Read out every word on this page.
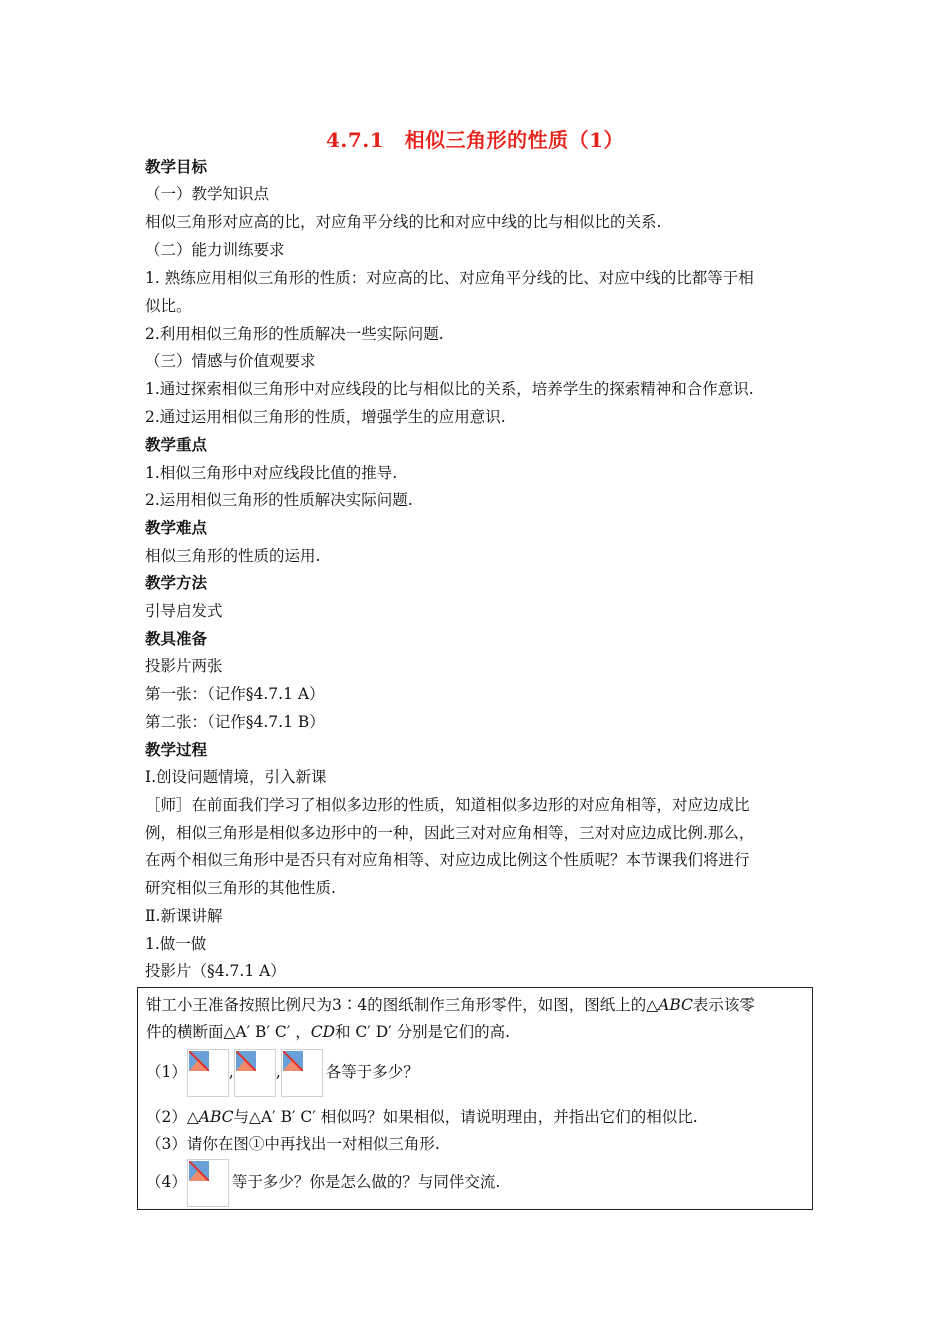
4.7.1　相似三角形的性质（1）
教学目标
（一）教学知识点
相似三角形对应高的比，对应角平分线的比和对应中线的比与相似比的关系.
（二）能力训练要求
1. 熟练应用相似三角形的性质：对应高的比、对应角平分线的比、对应中线的比都等于相
似比。
2.利用相似三角形的性质解决一些实际问题.
（三）情感与价值观要求
1.通过探索相似三角形中对应线段的比与相似比的关系，培养学生的探索精神和合作意识.
2.通过运用相似三角形的性质，增强学生的应用意识.
教学重点
1.相似三角形中对应线段比值的推导.
2.运用相似三角形的性质解决实际问题.
教学难点
相似三角形的性质的运用.
教学方法
引导启发式
教具准备
投影片两张
第一张：（记作§4.7.1 A）
第二张：（记作§4.7.1 B）
教学过程
Ⅰ.创设问题情境，引入新课
［师］在前面我们学习了相似多边形的性质，知道相似多边形的对应角相等，对应边成比
例，相似三角形是相似多边形中的一种，因此三对对应角相等，三对对应边成比例.那么，
在两个相似三角形中是否只有对应角相等、对应边成比例这个性质呢？本节课我们将进行
研究相似三角形的其他性质.
Ⅱ.新课讲解
1.做一做
投影片（§4.7.1 A）
钳工小王准备按照比例尺为3∶4的图纸制作三角形零件，如图，图纸上的△ABC表示该零
件的横断面△A′ B′ C′ ，CD和 C′ D′ 分别是它们的高.
（1）	,	,	各等于多少？
（2）△ABC与△A′ B′ C′ 相似吗？如果相似，请说明理由，并指出它们的相似比.
（3）请你在图①中再找出一对相似三角形.
（4）	等于多少？你是怎么做的？与同伴交流.
